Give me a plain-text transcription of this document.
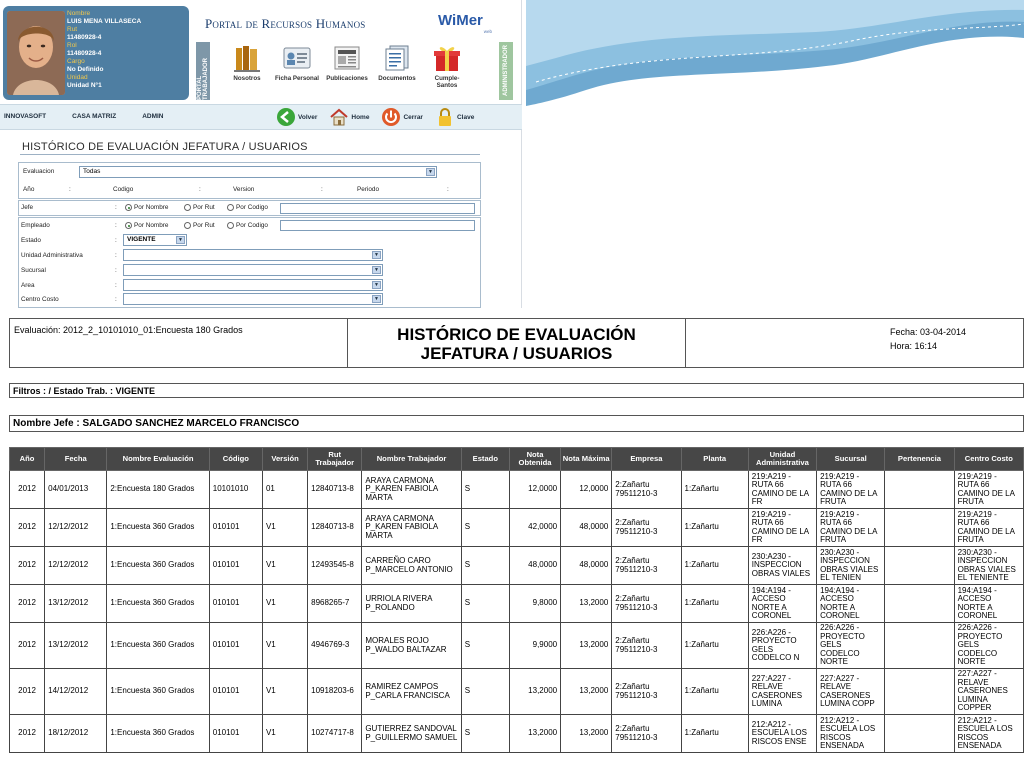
Nombre
LUIS MENA VILLASECA
Rut
11480928-4
Rol
11480928-4
Cargo
No Definido
Unidad
Unidad N°1	PORTAL TRABAJADOR	ADMINISTRADOR
Portal de Recursos Humanos	WiMer
web
Nosotros Ficha Personal Publicaciones Documentos	Cumple-
Santos
INNOVASOFT	CASA MATRIZ	ADMIN	Volver	Home	Cerrar	Clave
HISTÓRICO DE EVALUACIÓN JEFATURA / USUARIOS
Evaluacion	Todas	▼
Año	:	Codigo	:	Version	:	Periodo	:
Jefe	:	Por Nombre	Por Rut	Por Codigo
Empleado	:	Por Nombre	Por Rut	Por Codigo
Estado	:	VIGENTE	▼
Unidad Administrativa	:	▼
Sucursal	:	▼
Area	:	▼
Centro Costo	:	▼
Evaluación: 2012_2_10101010_01:Encuesta 180 Grados	HISTÓRICO DE EVALUACIÓN
JEFATURA / USUARIOS
Fecha: 03-04-2014
Hora: 16:14
Filtros : / Estado Trab. : VIGENTE
Nombre Jefe : SALGADO SANCHEZ MARCELO FRANCISCO
Año	Fecha	Nombre Evaluación	Código	Versión	Rut Trabajador	Nombre Trabajador	Estado	Nota Obtenida	Nota Máxima	Empresa	Planta	Unidad Administrativa	Sucursal	Pertenencia	Centro Costo
2012	04/01/2013	2:Encuesta 180 Grados	10101010	01	12840713-8	ARAYA CARMONA P_KAREN FABIOLA MARTA	S	12,0000	12,0000	2:Zañartu 79511210-3	1:Zañartu	219:A219 - RUTA 66 CAMINO DE LA FR	219:A219 - RUTA 66 CAMINO DE LA FRUTA		219:A219 - RUTA 66 CAMINO DE LA FRUTA
2012	12/12/2012	1:Encuesta 360 Grados	010101	V1	12840713-8	ARAYA CARMONA P_KAREN FABIOLA MARTA	S	42,0000	48,0000	2:Zañartu 79511210-3	1:Zañartu	219:A219 - RUTA 66 CAMINO DE LA FR	219:A219 - RUTA 66 CAMINO DE LA FRUTA		219:A219 - RUTA 66 CAMINO DE LA FRUTA
2012	12/12/2012	1:Encuesta 360 Grados	010101	V1	12493545-8	CARREÑO CARO P_MARCELO ANTONIO	S	48,0000	48,0000	2:Zañartu 79511210-3	1:Zañartu	230:A230 - INSPECCION OBRAS VIALES	230:A230 - INSPECCION OBRAS VIALES EL TENIEN		230:A230 - INSPECCION OBRAS VIALES EL TENIENTE
2012	13/12/2012	1:Encuesta 360 Grados	010101	V1	8968265-7	URRIOLA RIVERA P_ROLANDO	S	9,8000	13,2000	2:Zañartu 79511210-3	1:Zañartu	194:A194 - ACCESO NORTE A CORONEL	194:A194 - ACCESO NORTE A CORONEL		194:A194 - ACCESO NORTE A CORONEL
2012	13/12/2012	1:Encuesta 360 Grados	010101	V1	4946769-3	MORALES ROJO P_WALDO BALTAZAR	S	9,9000	13,2000	2:Zañartu 79511210-3	1:Zañartu	226:A226 - PROYECTO GELS CODELCO N	226:A226 - PROYECTO GELS CODELCO NORTE		226:A226 - PROYECTO GELS CODELCO NORTE
2012	14/12/2012	1:Encuesta 360 Grados	010101	V1	10918203-6	RAMIREZ CAMPOS P_CARLA FRANCISCA	S	13,2000	13,2000	2:Zañartu 79511210-3	1:Zañartu	227:A227 - RELAVE CASERONES LUMINA	227:A227 - RELAVE CASERONES LUMINA COPP		227:A227 - RELAVE CASERONES LUMINA COPPER
2012	18/12/2012	1:Encuesta 360 Grados	010101	V1	10274717-8	GUTIERREZ SANDOVAL P_GUILLERMO SAMUEL	S	13,2000	13,2000	2:Zañartu 79511210-3	1:Zañartu	212:A212 - ESCUELA LOS RISCOS ENSE	212:A212 - ESCUELA LOS RISCOS ENSENADA		212:A212 - ESCUELA LOS RISCOS ENSENADA
